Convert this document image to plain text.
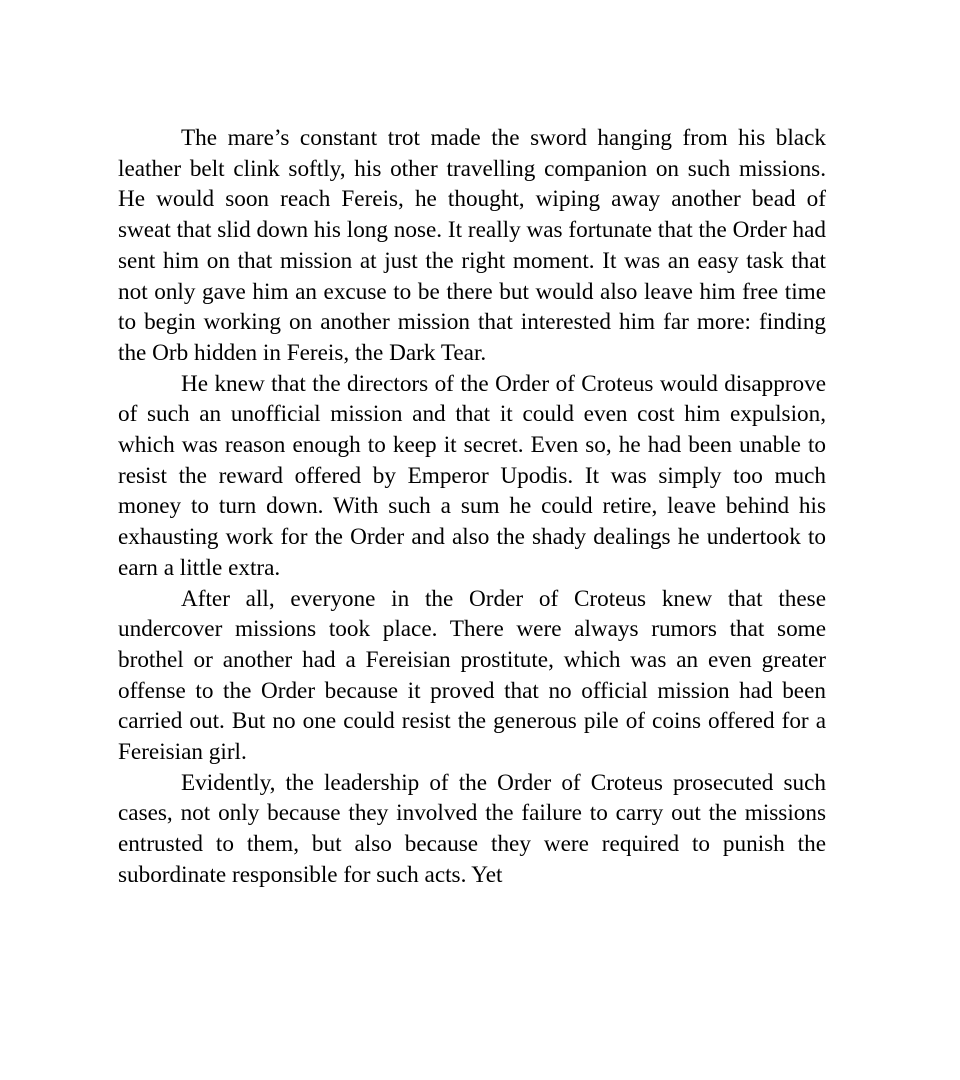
The mare’s constant trot made the sword hanging from his black leather belt clink softly, his other travelling companion on such missions. He would soon reach Fereis, he thought, wiping away another bead of sweat that slid down his long nose. It really was fortunate that the Order had sent him on that mission at just the right moment. It was an easy task that not only gave him an excuse to be there but would also leave him free time to begin working on another mission that interested him far more: finding the Orb hidden in Fereis, the Dark Tear.

He knew that the directors of the Order of Croteus would disapprove of such an unofficial mission and that it could even cost him expulsion, which was reason enough to keep it secret. Even so, he had been unable to resist the reward offered by Emperor Upodis. It was simply too much money to turn down. With such a sum he could retire, leave behind his exhausting work for the Order and also the shady dealings he undertook to earn a little extra.

After all, everyone in the Order of Croteus knew that these undercover missions took place. There were always rumors that some brothel or another had a Fereisian prostitute, which was an even greater offense to the Order because it proved that no official mission had been carried out. But no one could resist the generous pile of coins offered for a Fereisian girl.

Evidently, the leadership of the Order of Croteus prosecuted such cases, not only because they involved the failure to carry out the missions entrusted to them, but also because they were required to punish the subordinate responsible for such acts. Yet
